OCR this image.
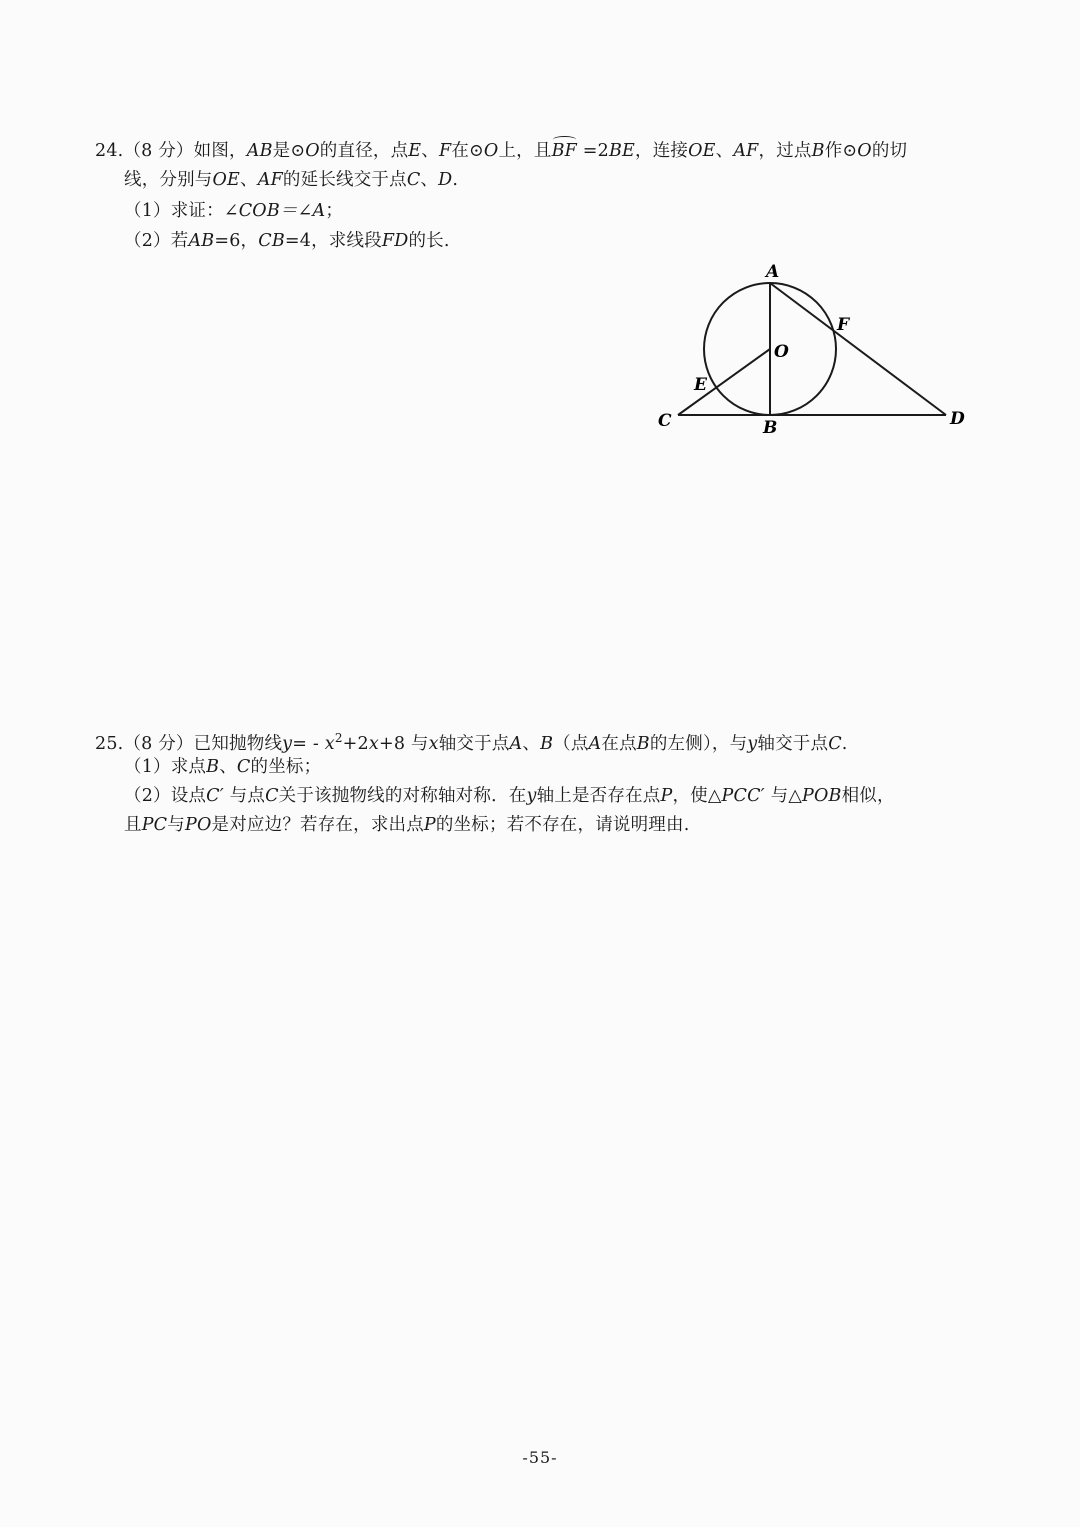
24.（8 分）如图，AB是⊙O的直径，点E、F在⊙O上，且BF =2BE，连接OE、AF，过点B作⊙O的切
线，分别与OE、AF的延长线交于点C、D.
（1）求证：∠COB＝∠A；
（2）若AB=6，CB=4，求线段FD的长.
A
F
O
E
C	B	D
25.（8 分）已知抛物线$y= - x^2+2x+8$ 与x轴交于点A、B（点A在点B的左侧），与y轴交于点C.
（1）求点B、C的坐标；
（2）设点C′ 与点C关于该抛物线的对称轴对称．在y轴上是否存在点P，使△PCC′ 与△POB相似，
且PC与PO是对应边？若存在，求出点P的坐标；若不存在，请说明理由.
-55-
